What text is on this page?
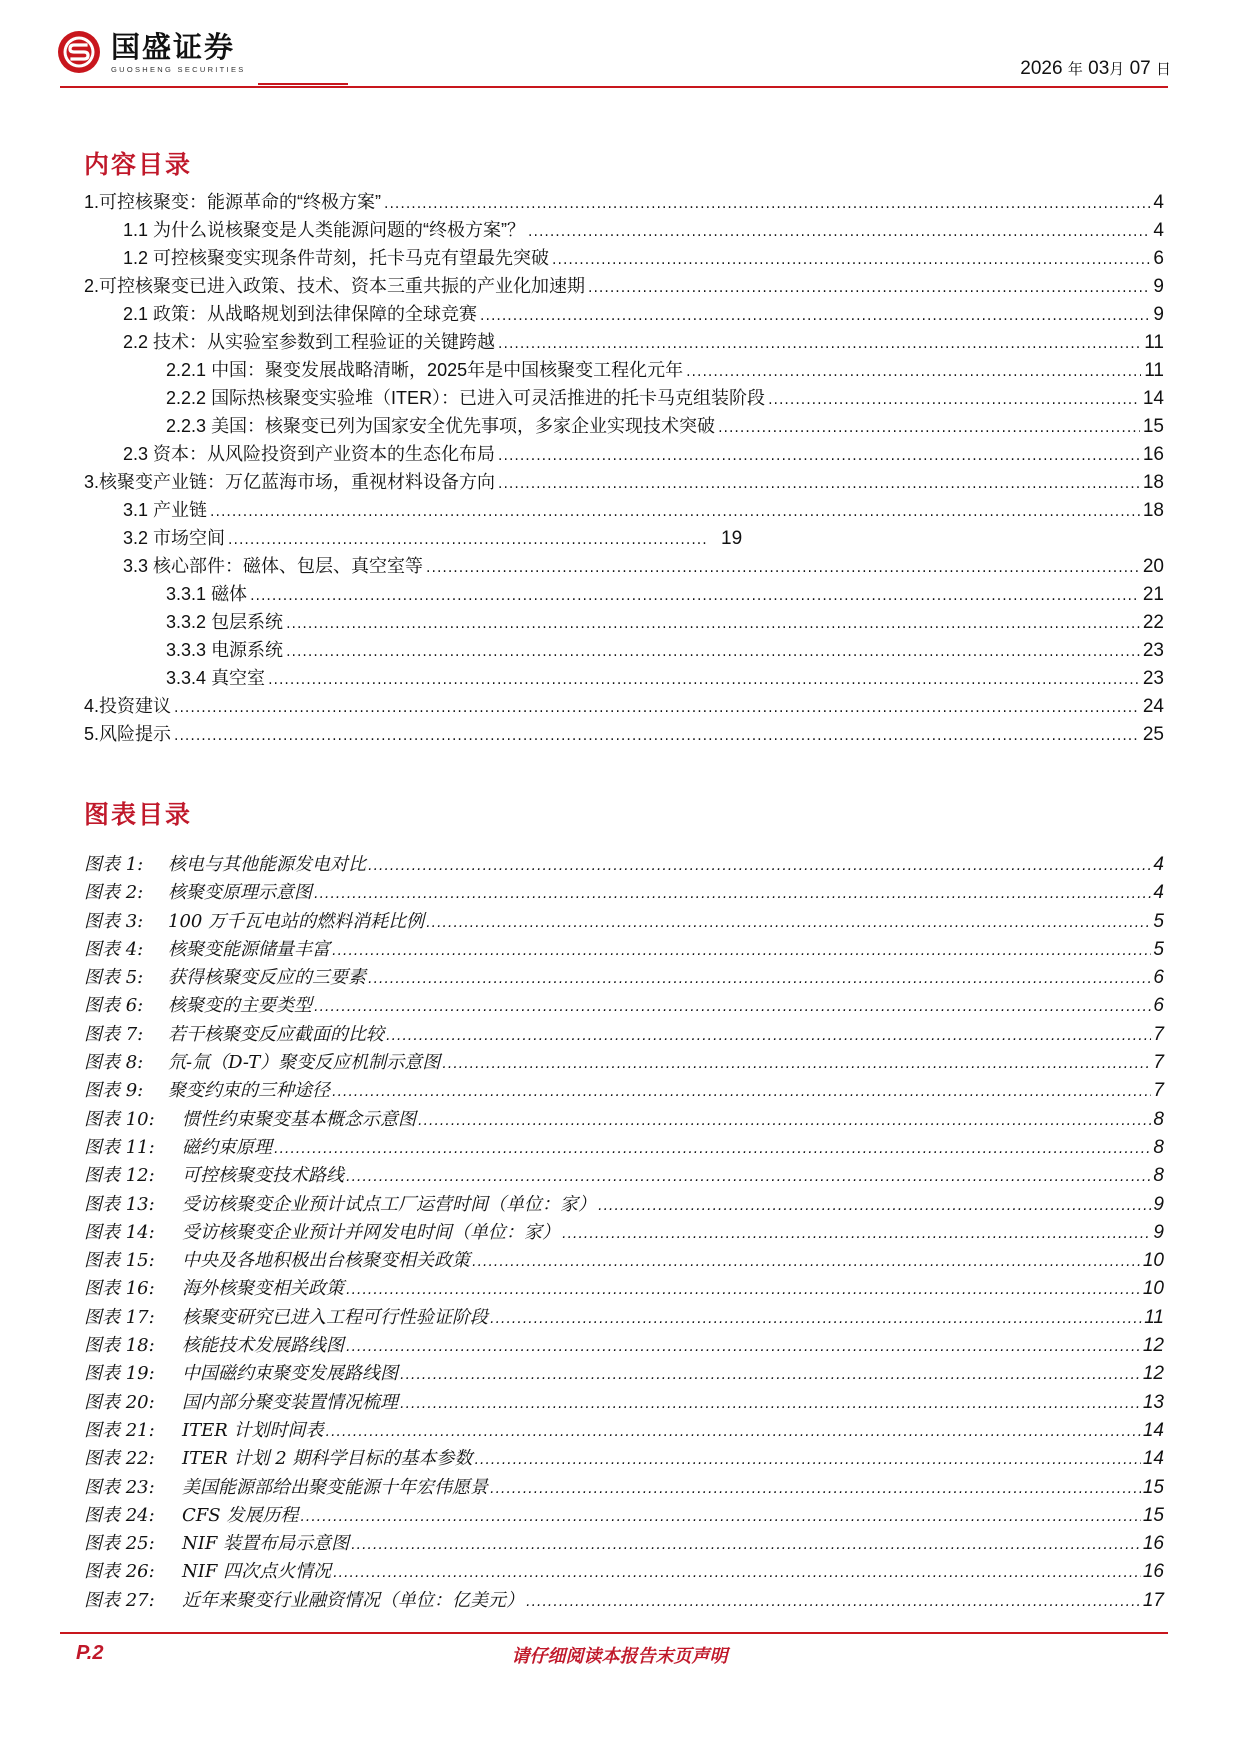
国盛证券
GUOSHENG SECURITIES	2026 年 03月 07 日
内容目录
1.可控核聚变：能源革命的“终极方案” .....	4
1.1 为什么说核聚变是人类能源问题的“终极方案”？ .....	4
1.2 可控核聚变实现条件苛刻，托卡马克有望最先突破 .....	6
2.可控核聚变已进入政策、技术、资本三重共振的产业化加速期 .....	9
2.1 政策：从战略规划到法律保障的全球竞赛 .....	9
2.2 技术：从实验室参数到工程验证的关键跨越 .....	11
2.2.1 中国：聚变发展战略清晰，2025年是中国核聚变工程化元年 .....	11
2.2.2 国际热核聚变实验堆（ITER）：已进入可灵活推进的托卡马克组装阶段 .....	14
2.2.3 美国：核聚变已列为国家安全优先事项，多家企业实现技术突破 .....	15
2.3 资本：从风险投资到产业资本的生态化布局 .....	16
3.核聚变产业链：万亿蓝海市场，重视材料设备方向 .....	18
3.1 产业链 .....	18
3.2 市场空间 .....	19
3.3 核心部件：磁体、包层、真空室等 .....	20
3.3.1 磁体 .....	21
3.3.2 包层系统 .....	22
3.3.3 电源系统 .....	23
3.3.4 真空室 .....	23
4.投资建议 .....	24
5.风险提示 .....	25
图表目录
图表 1:	核电与其他能源发电对比 .....	4
图表 2:	核聚变原理示意图 .....	4
图表 3:	100 万千瓦电站的燃料消耗比例 .....	5
图表 4:	核聚变能源储量丰富 .....	5
图表 5:	获得核聚变反应的三要素 .....	6
图表 6:	核聚变的主要类型 .....	6
图表 7:	若干核聚变反应截面的比较 .....	7
图表 8:	氘-氚（D-T）聚变反应机制示意图 .....	7
图表 9:	聚变约束的三种途径 .....	7
图表 10:	惯性约束聚变基本概念示意图 .....	8
图表 11:	磁约束原理 .....	8
图表 12:	可控核聚变技术路线 .....	8
图表 13:	受访核聚变企业预计试点工厂运营时间（单位：家） .....	9
图表 14:	受访核聚变企业预计并网发电时间（单位：家） .....	9
图表 15:	中央及各地积极出台核聚变相关政策 .....	10
图表 16:	海外核聚变相关政策 .....	10
图表 17:	核聚变研究已进入工程可行性验证阶段 .....	11
图表 18:	核能技术发展路线图 .....	12
图表 19:	中国磁约束聚变发展路线图 .....	12
图表 20:	国内部分聚变装置情况梳理 .....	13
图表 21:	ITER 计划时间表 .....	14
图表 22:	ITER 计划 2 期科学目标的基本参数 .....	14
图表 23:	美国能源部给出聚变能源十年宏伟愿景 .....	15
图表 24:	CFS 发展历程 .....	15
图表 25:	NIF 装置布局示意图 .....	16
图表 26:	NIF 四次点火情况 .....	16
图表 27:	近年来聚变行业融资情况（单位：亿美元） .....	17
请仔细阅读本报告末页声明
P.2
